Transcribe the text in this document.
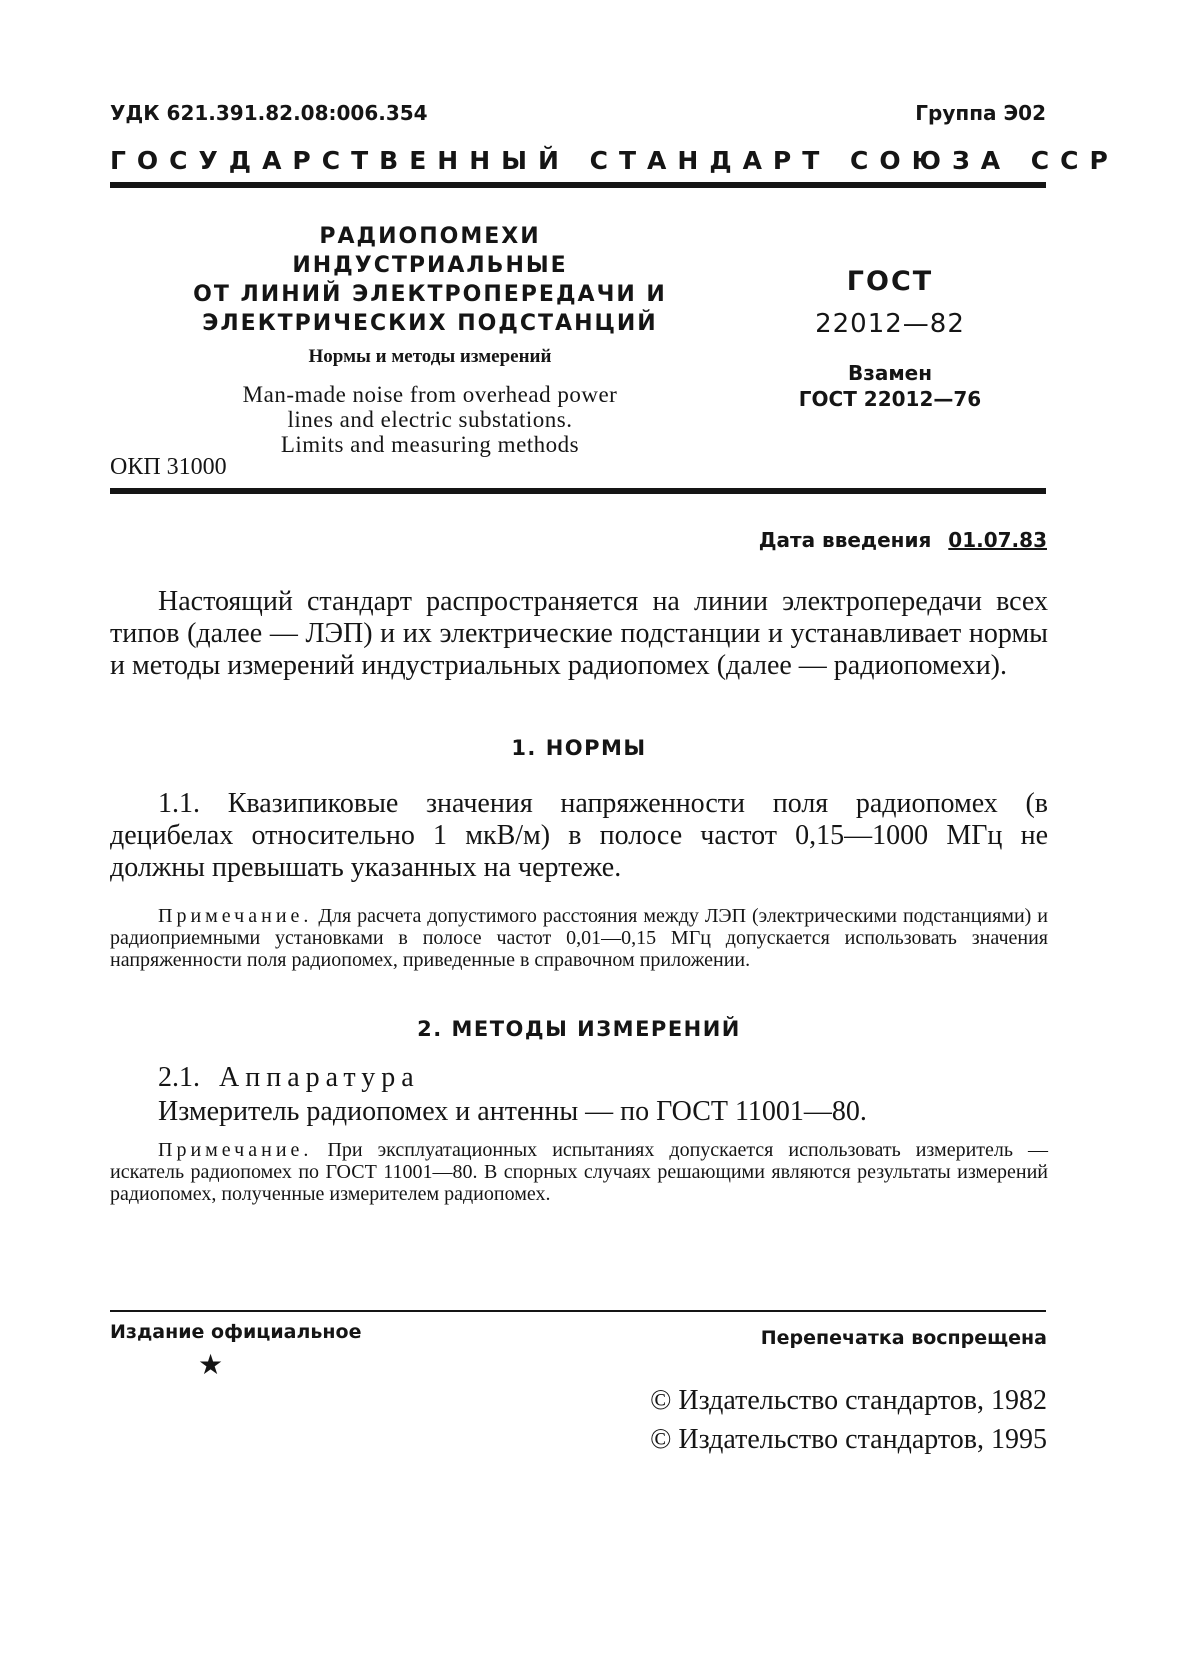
УДК 621.391.82.08:006.354	Группа Э02
ГОСУДАРСТВЕННЫЙ СТАНДАРТ СОЮЗА ССР
РАДИОПОМЕХИ ИНДУСТРИАЛЬНЫЕ
ОТ ЛИНИЙ ЭЛЕКТРОПЕРЕДАЧИ И
ЭЛЕКТРИЧЕСКИХ ПОДСТАНЦИЙ
Нормы и методы измерений
Man-made noise from overhead power
lines and electric substations.
Limits and measuring methods
ГОСТ
22012—82
Взамен
ГОСТ 22012—76
ОКП 31000
Дата введения 01.07.83
Настоящий стандарт распространяется на линии электропередачи всех типов (далее — ЛЭП) и их электрические подстанции и устанавливает нормы и методы измерений индустриальных радиопомех (далее — радиопомехи).
1. НОРМЫ
1.1. Квазипиковые значения напряженности поля радиопомех (в децибелах относительно 1 мкВ/м) в полосе частот 0,15—1000 МГц не должны превышать указанных на чертеже.
Примечание. Для расчета допустимого расстояния между ЛЭП (электрическими подстанциями) и радиоприемными установками в полосе частот 0,01—0,15 МГц допускается использовать значения напряженности поля радиопомех, приведенные в справочном приложении.
2. МЕТОДЫ ИЗМЕРЕНИЙ
2.1. Аппаратура
Измеритель радиопомех и антенны — по ГОСТ 11001—80.
Примечание. При эксплуатационных испытаниях допускается использовать измеритель — искатель радиопомех по ГОСТ 11001—80. В спорных случаях решающими являются результаты измерений радиопомех, полученные измерителем радиопомех.
Издание официальное
★
Перепечатка воспрещена
© Издательство стандартов, 1982
© Издательство стандартов, 1995
